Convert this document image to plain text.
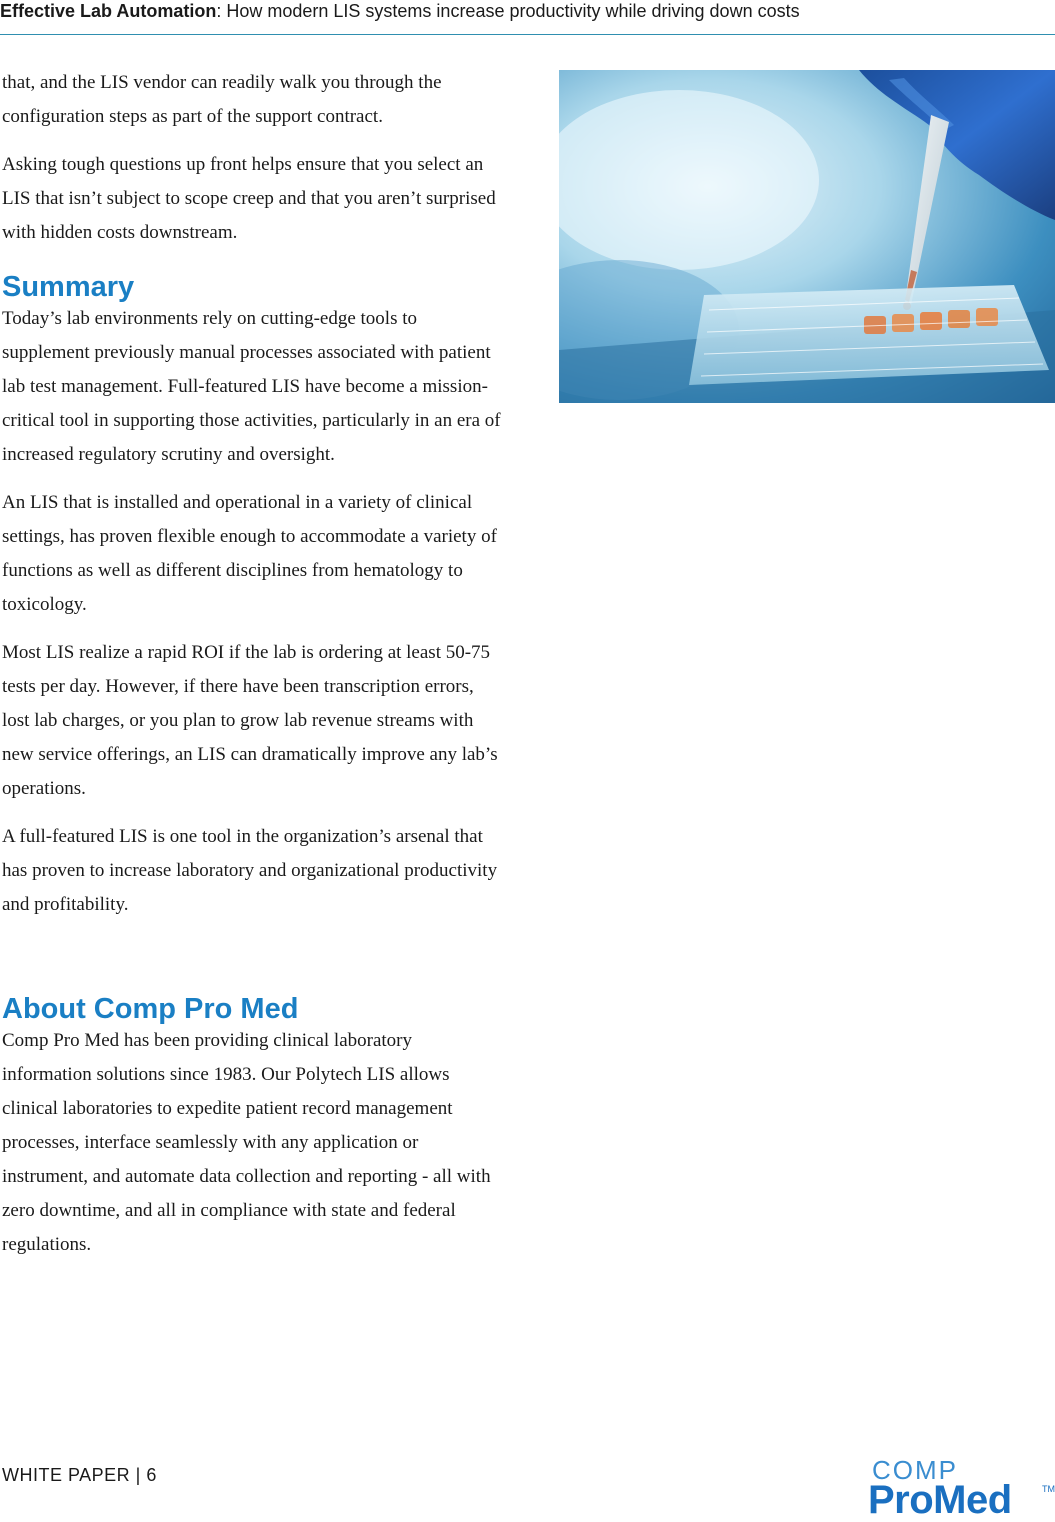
Effective Lab Automation: How modern LIS systems increase productivity while driving down costs

that, and the LIS vendor can readily walk you through the configuration steps as part of the support contract.

Asking tough questions up front helps ensure that you select an LIS that isn’t subject to scope creep and that you aren’t surprised with hidden costs downstream.

Summary

Today’s lab environments rely on cutting-edge tools to supplement previously manual processes associated with patient lab test management. Full-featured LIS have become a mission-critical tool in supporting those activities, particularly in an era of increased regulatory scrutiny and oversight.

An LIS that is installed and operational in a variety of clinical settings, has proven flexible enough to accommodate a variety of functions as well as different disciplines from hematology to toxicology.

Most LIS realize a rapid ROI if the lab is ordering at least 50-75 tests per day. However, if there have been transcription errors, lost lab charges, or you plan to grow lab revenue streams with new service offerings, an LIS can dramatically improve any lab’s operations.

A full-featured LIS is one tool in the organization’s arsenal that has proven to increase laboratory and organizational productivity and profitability.

About Comp Pro Med

Comp Pro Med has been providing clinical laboratory information solutions since 1983. Our Polytech LIS allows clinical laboratories to expedite patient record management processes, interface seamlessly with any application or instrument, and automate data collection and reporting - all with zero downtime, and all in compliance with state and federal regulations.

WHITE PAPER | 6	COMP
ProMed	TM
